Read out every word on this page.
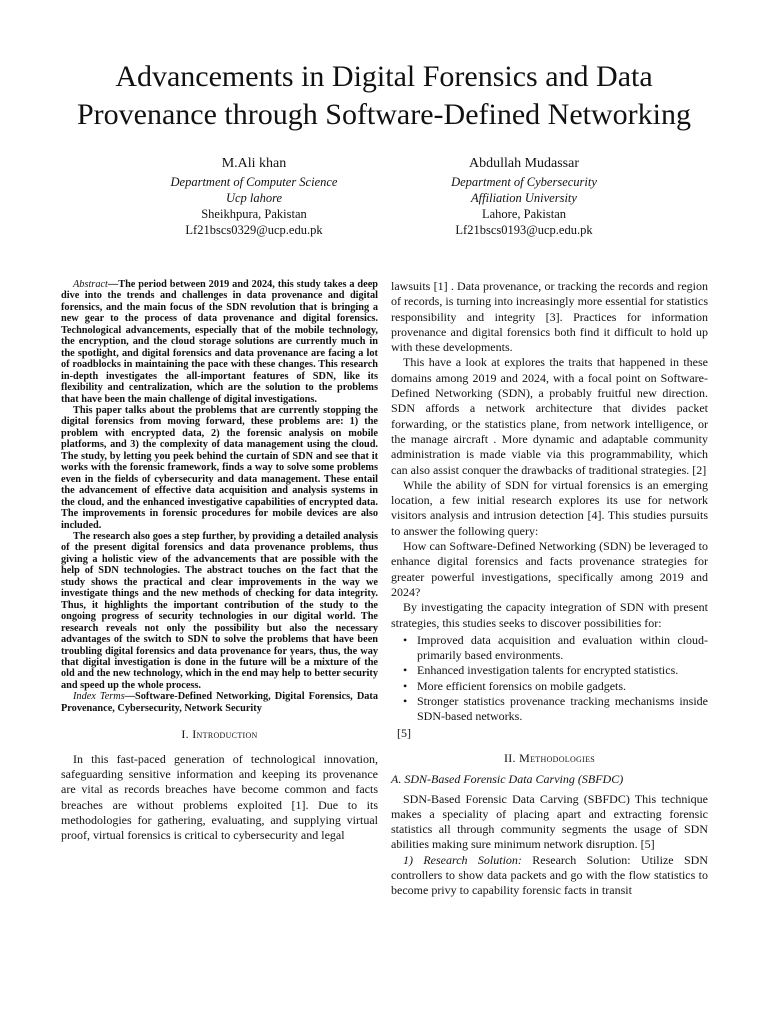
Advancements in Digital Forensics and Data
Provenance through Software-Defined Networking
M.Ali khan
Department of Computer Science
Ucp lahore
Sheikhpura, Pakistan
Lf21bscs0329@ucp.edu.pk
Abdullah Mudassar
Department of Cybersecurity
Affiliation University
Lahore, Pakistan
Lf21bscs0193@ucp.edu.pk

Abstract—The period between 2019 and 2024, this study takes a deep dive into the trends and challenges in data provenance and digital forensics, and the main focus of the SDN revolution that is bringing a new gear to the process of data provenance and digital forensics. Technological advancements, especially that of the mobile technology, the encryption, and the cloud storage solutions are currently much in the spotlight, and digital forensics and data provenance are facing a lot of roadblocks in maintaining the pace with these changes. This research in-depth investigates the all-important features of SDN, like its flexibility and centralization, which are the solution to the problems that have been the main challenge of digital investigations.

This paper talks about the problems that are currently stopping the digital forensics from moving forward, these problems are: 1) the problem with encrypted data, 2) the forensic analysis on mobile platforms, and 3) the complexity of data management using the cloud. The study, by letting you peek behind the curtain of SDN and see that it works with the forensic framework, finds a way to solve some problems even in the fields of cybersecurity and data management. These entail the advancement of effective data acquisition and analysis systems in the cloud, and the enhanced investigative capabilities of encrypted data. The improvements in forensic procedures for mobile devices are also included.

The research also goes a step further, by providing a detailed analysis of the present digital forensics and data provenance problems, thus giving a holistic view of the advancements that are possible with the help of SDN technologies. The abstract touches on the fact that the study shows the practical and clear improvements in the way we investigate things and the new methods of checking for data integrity. Thus, it highlights the important contribution of the study to the ongoing progress of security technologies in our digital world. The research reveals not only the possibility but also the necessary advantages of the switch to SDN to solve the problems that have been troubling digital forensics and data provenance for years, thus, the way that digital investigation is done in the future will be a mixture of the old and the new technology, which in the end may help to better security and speed up the whole process.

Index Terms—Software-Defined Networking, Digital Forensics, Data Provenance, Cybersecurity, Network Security

I. Introduction

In this fast-paced generation of technological innovation, safeguarding sensitive information and keeping its provenance are vital as records breaches have become common and facts breaches are without problems exploited [1]. Due to its methodologies for gathering, evaluating, and supplying virtual proof, virtual forensics is critical to cybersecurity and legal

lawsuits [1] . Data provenance, or tracking the records and region of records, is turning into increasingly more essential for statistics responsibility and integrity [3]. Practices for information provenance and digital forensics both find it difficult to hold up with these developments.

This have a look at explores the traits that happened in these domains among 2019 and 2024, with a focal point on Software-Defined Networking (SDN), a probably fruitful new direction. SDN affords a network architecture that divides packet forwarding, or the statistics plane, from network intelligence, or the manage aircraft . More dynamic and adaptable community administration is made viable via this programmability, which can also assist conquer the drawbacks of traditional strategies. [2]

While the ability of SDN for virtual forensics is an emerging location, a few initial research explores its use for network visitors analysis and intrusion detection [4]. This studies pursuits to answer the following query:

How can Software-Defined Networking (SDN) be leveraged to enhance digital forensics and facts provenance strategies for greater powerful investigations, specifically among 2019 and 2024?

By investigating the capacity integration of SDN with present strategies, this studies seeks to discover possibilities for:

• Improved data acquisition and evaluation within cloud-primarily based environments.
• Enhanced investigation talents for encrypted statistics.
• More efficient forensics on mobile gadgets.
• Stronger statistics provenance tracking mechanisms inside SDN-based networks.
[5]
II. Methodologies
A. SDN-Based Forensic Data Carving (SBFDC)

SDN-Based Forensic Data Carving (SBFDC) This technique makes a speciality of placing apart and extracting forensic statistics all through community segments the usage of SDN abilities making sure minimum network disruption. [5]

1) Research Solution: Research Solution: Utilize SDN controllers to show data packets and go with the flow statistics to become privy to capability forensic facts in transit
